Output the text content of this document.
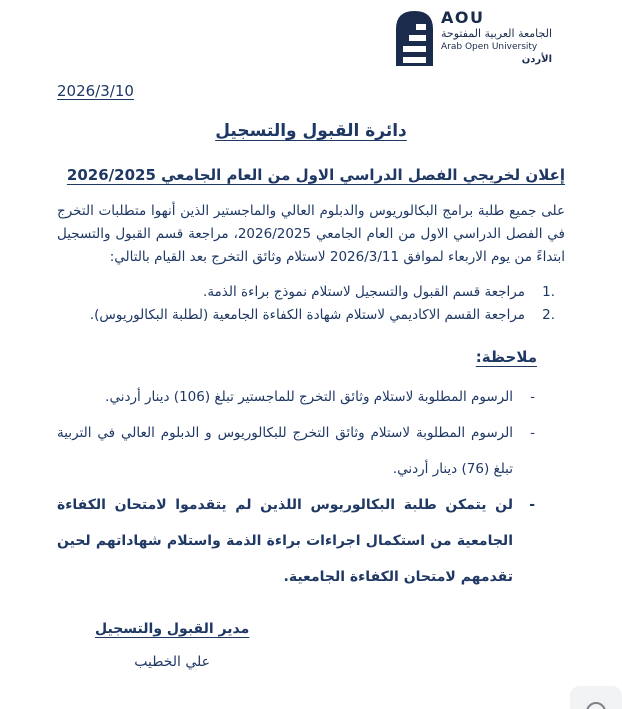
AOU
الجامعة العربية المفتوحة
Arab Open University
الأردن
2026/3/10
دائرة القبول والتسجيل
إعلان لخريجي الفصل الدراسي الاول من العام الجامعي 2026/2025

على جميع طلبة برامج البكالوريوس والدبلوم العالي والماجستير الذين أنهوا متطلبات التخرج في الفصل الدراسي الاول من العام الجامعي 2026/2025، مراجعة قسم القبول والتسجيل ابتداءً من يوم الاربعاء لموافق 2026/3/11 لاستلام وثائق التخرج بعد القيام بالتالي:

1.
مراجعة قسم القبول والتسجيل لاستلام نموذج براءة الذمة.
2.
مراجعة القسم الاكاديمي لاستلام شهادة الكفاءة الجامعية (لطلبة البكالوريوس).
ملاحظة:
-
الرسوم المطلوبة لاستلام وثائق التخرج للماجستير تبلغ (106) دينار أردني.
-
الرسوم المطلوبة لاستلام وثائق التخرج للبكالوريوس و الدبلوم العالي في التربية تبلغ (76) دينار أردني.
-
لن يتمكن طلبة البكالوريوس اللذين لم يتقدموا لامتحان الكفاءة الجامعية من استكمال اجراءات براءة الذمة واستلام شهاداتهم لحين تقدمهم لامتحان الكفاءة الجامعية.
مدير القبول والتسجيل
علي الخطيب
